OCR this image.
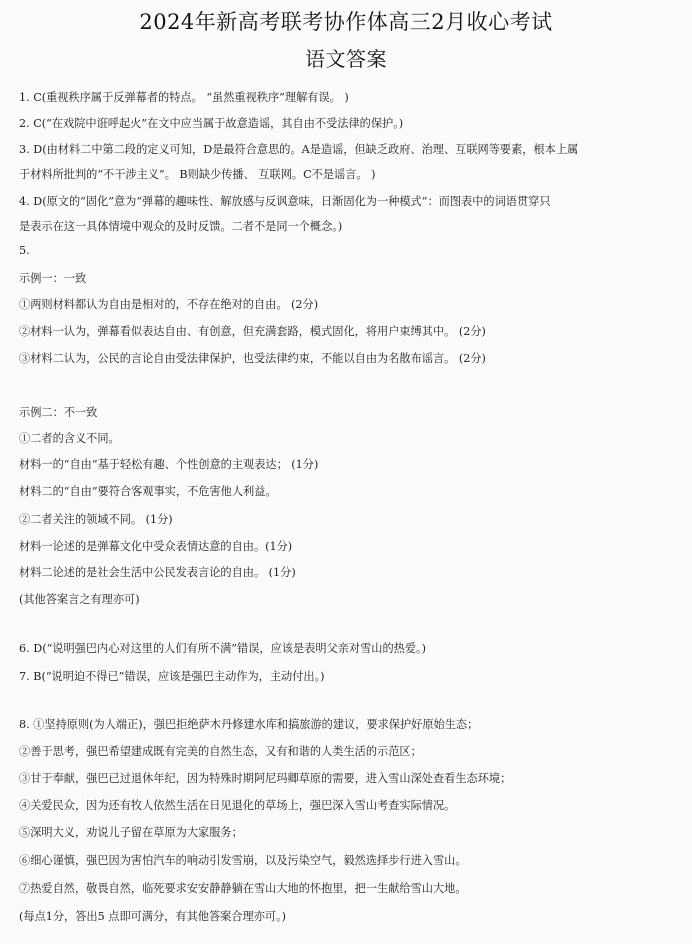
2024年新高考联考协作体高三2月收心考试
语文答案
1. C(重视秩序属于反弹幕者的特点。 “虽然重视秩序”理解有误。 )
2. C(“在戏院中诳呼起火”在文中应当属于故意造谣，其自由不受法律的保护。)
3. D(由材料二中第二段的定义可知，D是最符合意思的。A是造谣，但缺乏政府、治理、互联网等要素，根本上属
于材料所批判的“不干涉主义”。 B则缺少传播、 互联网。C不是谣言。 )
4. D(原文的“固化”意为“弹幕的趣味性、解放感与反讽意味，日渐固化为一种模式”：而图表中的词语贯穿只
是表示在这一具体情境中观众的及时反馈。二者不是同一个概念。)
5.
示例一：一致
①两则材料都认为自由是相对的，不存在绝对的自由。 (2分)
②材料一认为，弹幕看似表达自由、有创意，但充满套路，模式固化，将用户束缚其中。 (2分)
③材料二认为，公民的言论自由受法律保护，也受法律约束，不能以自由为名散布谣言。 (2分)
示例二：不一致
①二者的含义不同。
材料一的“自由”基于轻松有趣、个性创意的主观表达； (1分)
材料二的“自由”要符合客观事实，不危害他人利益。
②二者关注的领域不同。 (1分)
材料一论述的是弹幕文化中受众表情达意的自由。(1分)
材料二论述的是社会生活中公民发表言论的自由。 (1分)
(其他答案言之有理亦可)
6. D(“说明强巴内心对这里的人们有所不满”错误，应该是表明父亲对雪山的热爱。)
7. B(“说明迫不得已”错误，应该是强巴主动作为，主动付出。)
8. ①坚持原则(为人端正)，强巴拒绝萨木丹修建水库和搞旅游的建议，要求保护好原始生态；
②善于思考，强巴希望建成既有完美的自然生态，又有和谐的人类生活的示范区；
③甘于奉献，强巴已过退休年纪，因为特殊时期阿尼玛卿草原的需要，进入雪山深处查看生态环境；
④关爱民众，因为还有牧人依然生活在日见退化的草场上，强巴深入雪山考查实际情况。
⑤深明大义，劝说儿子留在草原为大家服务；
⑥细心谨慎，强巴因为害怕汽车的响动引发雪崩，以及污染空气，毅然选择步行进入雪山。
⑦热爱自然，敬畏自然，临死要求安安静静躺在雪山大地的怀抱里，把一生献给雪山大地。
(每点1分，答出5 点即可满分，有其他答案合理亦可。)
